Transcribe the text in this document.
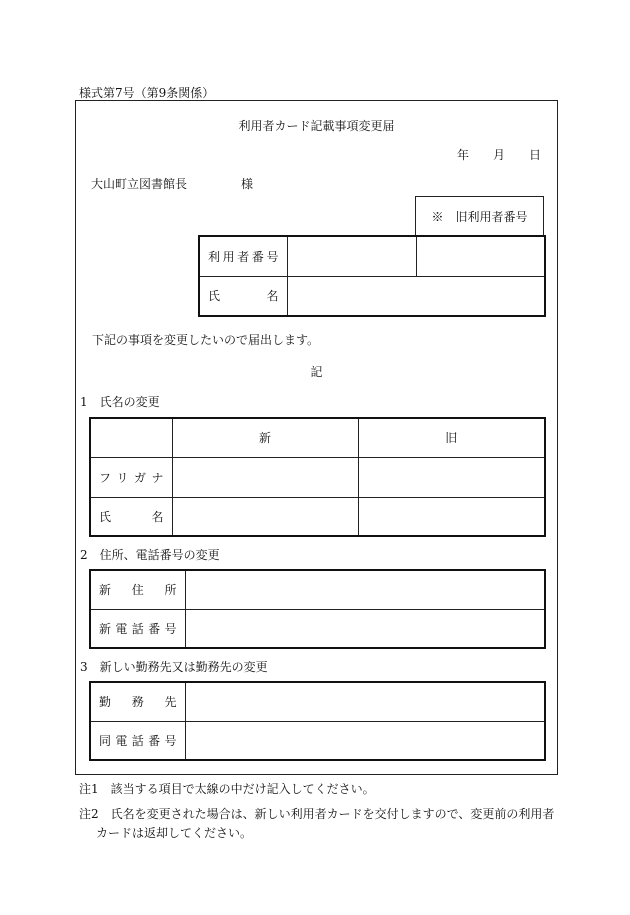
様式第7号（第9条関係）
利用者カード記載事項変更届
年 月 日
大山町立図書館長	様
※　旧利用者番号
利 用 者 番 号		

氏 名		

下記の事項を変更したいので届出します。
記
1　氏名の変更
	新	旧

フ リ ガ ナ		

氏 名		

2　住所、電話番号の変更
新 住 所	

新 電 話 番 号	

3　新しい勤務先又は勤務先の変更
勤 務 先	

同 電 話 番 号	

注1　該当する項目で太線の中だけ記入してください。
注2　氏名を変更された場合は、新しい利用者カードを交付しますので、変更前の利用者
カードは返却してください。
